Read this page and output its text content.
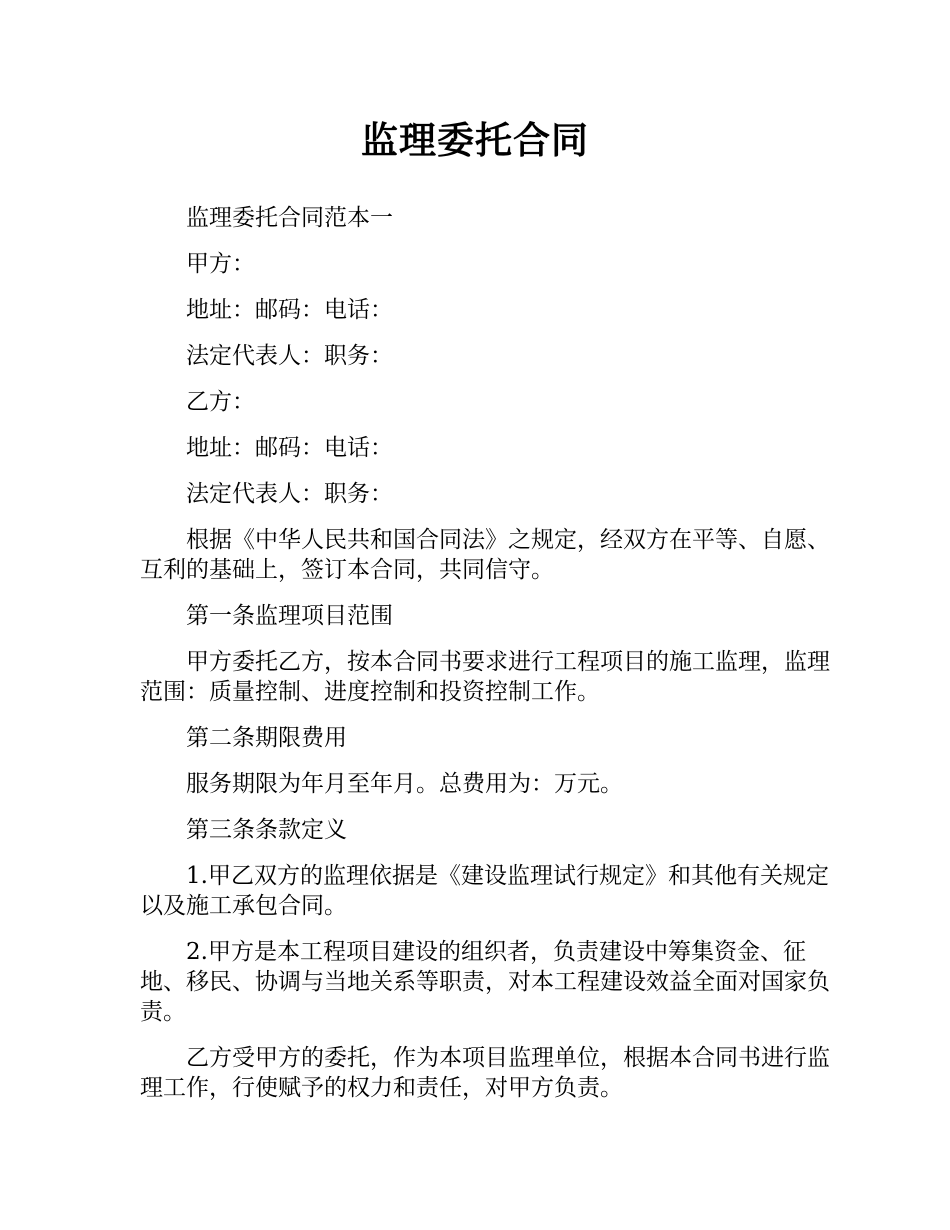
监理委托合同

监理委托合同范本一

甲方：

地址：邮码：电话：

法定代表人：职务：

乙方：

地址：邮码：电话：

法定代表人：职务：

根据《中华人民共和国合同法》之规定，经双方在平等、自愿、互利的基础上，签订本合同，共同信守。

第一条监理项目范围

甲方委托乙方，按本合同书要求进行工程项目的施工监理，监理范围：质量控制、进度控制和投资控制工作。

第二条期限费用

服务期限为年月至年月。总费用为：万元。

第三条条款定义

1.甲乙双方的监理依据是《建设监理试行规定》和其他有关规定以及施工承包合同。

2.甲方是本工程项目建设的组织者，负责建设中筹集资金、征地、移民、协调与当地关系等职责，对本工程建设效益全面对国家负责。

乙方受甲方的委托，作为本项目监理单位，根据本合同书进行监理工作，行使赋予的权力和责任，对甲方负责。
